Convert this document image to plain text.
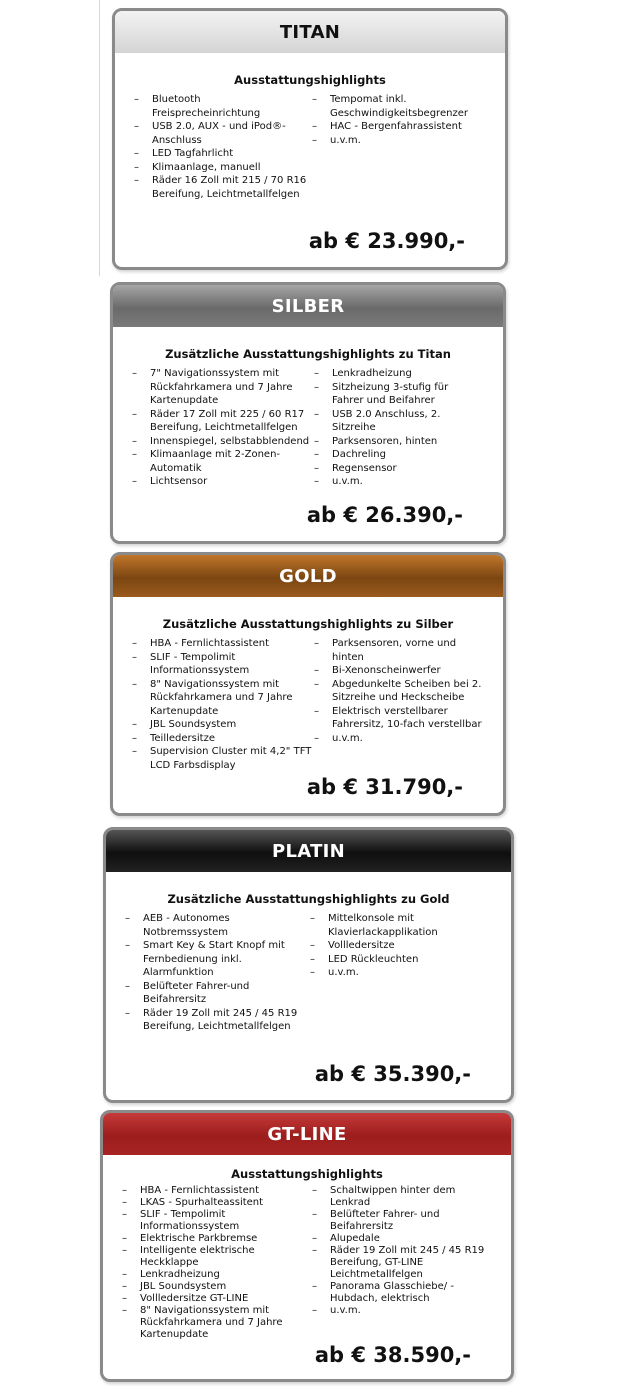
TITAN
Ausstattungshighlights
– Bluetooth Freisprecheinrichtung
– USB 2.0, AUX - und iPod®-Anschluss
– LED Tagfahrlicht
– Klimaanlage, manuell
– Räder 16 Zoll mit 215 / 70 R16 Bereifung, Leichtmetallfelgen
– Tempomat inkl. Geschwindigkeitsbegrenzer
– HAC - Bergenfahrassistent
– u.v.m.
ab € 23.990,-
SILBER
Zusätzliche Ausstattungshighlights zu Titan
– 7" Navigationssystem mit Rückfahrkamera und 7 Jahre Kartenupdate
– Räder 17 Zoll mit 225 / 60 R17 Bereifung, Leichtmetallfelgen
– Innenspiegel, selbstabblendend
– Klimaanlage mit 2-Zonen-Automatik
– Lichtsensor
– Lenkradheizung
– Sitzheizung 3-stufig für Fahrer und Beifahrer
– USB 2.0 Anschluss, 2. Sitzreihe
– Parksensoren, hinten
– Dachreling
– Regensensor
– u.v.m.
ab € 26.390,-
GOLD
Zusätzliche Ausstattungshighlights zu Silber
– HBA - Fernlichtassistent
– SLIF - Tempolimit Informationssystem
– 8" Navigationssystem mit Rückfahrkamera und 7 Jahre Kartenupdate
– JBL Soundsystem
– Teilledersitze
– Supervision Cluster mit 4,2" TFT LCD Farbsdisplay
– Parksensoren, vorne und hinten
– Bi-Xenonscheinwerfer
– Abgedunkelte Scheiben bei 2. Sitzreihe und Heckscheibe
– Elektrisch verstellbarer Fahrersitz, 10-fach verstellbar
– u.v.m.
ab € 31.790,-
PLATIN
Zusätzliche Ausstattungshighlights zu Gold
– AEB - Autonomes Notbremssystem
– Smart Key & Start Knopf mit Fernbedienung inkl. Alarmfunktion
– Belüfteter Fahrer-und Beifahrersitz
– Räder 19 Zoll mit 245 / 45 R19 Bereifung, Leichtmetallfelgen
– Mittelkonsole mit Klavierlackapplikation
– Vollledersitze
– LED Rückleuchten
– u.v.m.
ab € 35.390,-
GT-LINE
Ausstattungshighlights
– HBA - Fernlichtassistent
– LKAS - Spurhalteassitent
– SLIF - Tempolimit Informationssystem
– Elektrische Parkbremse
– Intelligente elektrische Heckklappe
– Lenkradheizung
– JBL Soundsystem
– Vollledersitze GT-LINE
– 8" Navigationssystem mit Rückfahrkamera und 7 Jahre Kartenupdate
– Schaltwippen hinter dem Lenkrad
– Belüfteter Fahrer- und Beifahrersitz
– Alupedale
– Räder 19 Zoll mit 245 / 45 R19 Bereifung, GT-LINE Leichtmetallfelgen
– Panorama Glasschiebe/ -Hubdach, elektrisch
– u.v.m.
ab € 38.590,-
